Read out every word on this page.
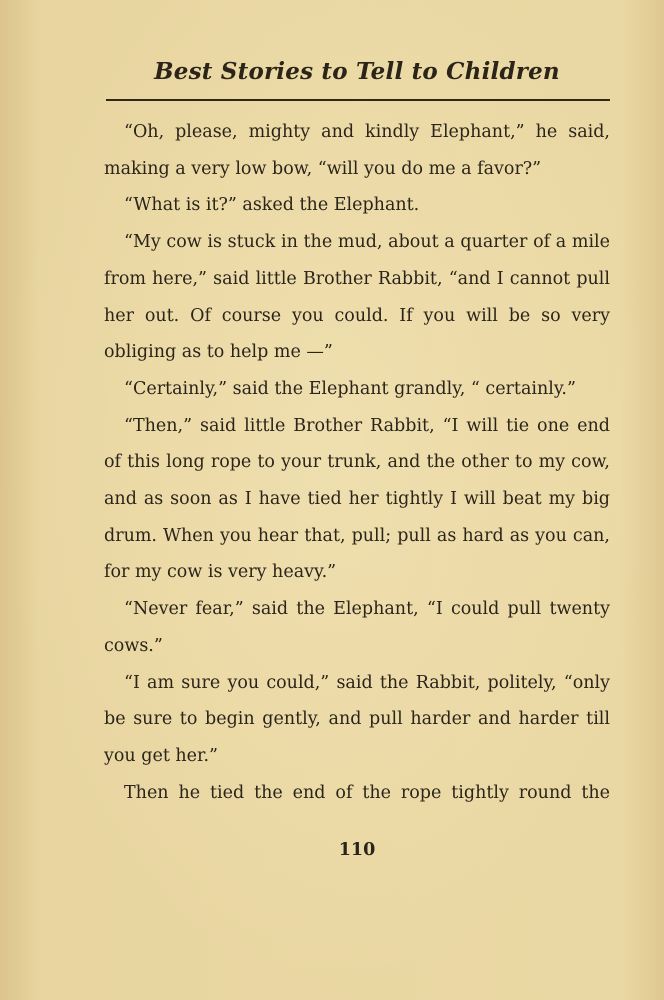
Best Stories to Tell to Children

“Oh, please, mighty and kindly Elephant,” he said, making a very low bow, “will you do me a favor?”

“What is it?” asked the Elephant.

“My cow is stuck in the mud, about a quarter of a mile from here,” said little Brother Rabbit, “and I cannot pull her out. Of course you could. If you will be so very obliging as to help me —”

“Certainly,” said the Elephant grandly, “ certainly.”

“Then,” said little Brother Rabbit, “I will tie one end of this long rope to your trunk, and the other to my cow, and as soon as I have tied her tightly I will beat my big drum. When you hear that, pull; pull as hard as you can, for my cow is very heavy.”

“Never fear,” said the Elephant, “I could pull twenty cows.”

“I am sure you could,” said the Rabbit, politely, “only be sure to begin gently, and pull harder and harder till you get her.”

Then he tied the end of the rope tightly round the

110
